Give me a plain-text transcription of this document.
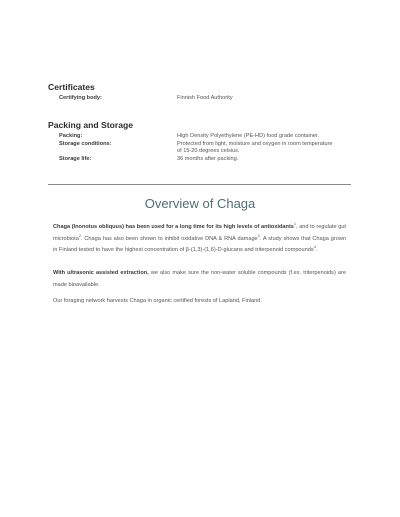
Certificates
Certifying body:	Finnish Food Authority
Packing and Storage
Packing:	High Density Polyethylene (PE-HD) food grade container.
Storage conditions:	Protected from light, moisture and oxygen in room temperature of 15-20 degrees celsius.
Storage life:	36 months after packing.
Overview of Chaga

Chaga (Inonotus obliquus) has been used for a long time for its high levels of antioxidants$^1$, and to regulate gut microbiota$^2$. Chaga has also been shown to inhibit oxidative DNA & RNA damage$^3$. A study shows that Chaga grown in Finland tested to have the highest concentration of β-(1,3)-(1,6)-D-glucans and triterpenoid compounds$^4$.

With ultrasonic assisted extraction, we also make sure the non-water soluble compounds (f.ex. triterpenoids) are made bioavailable.

Our foraging network harvests Chaga in organic certified forests of Lapland, Finland.
